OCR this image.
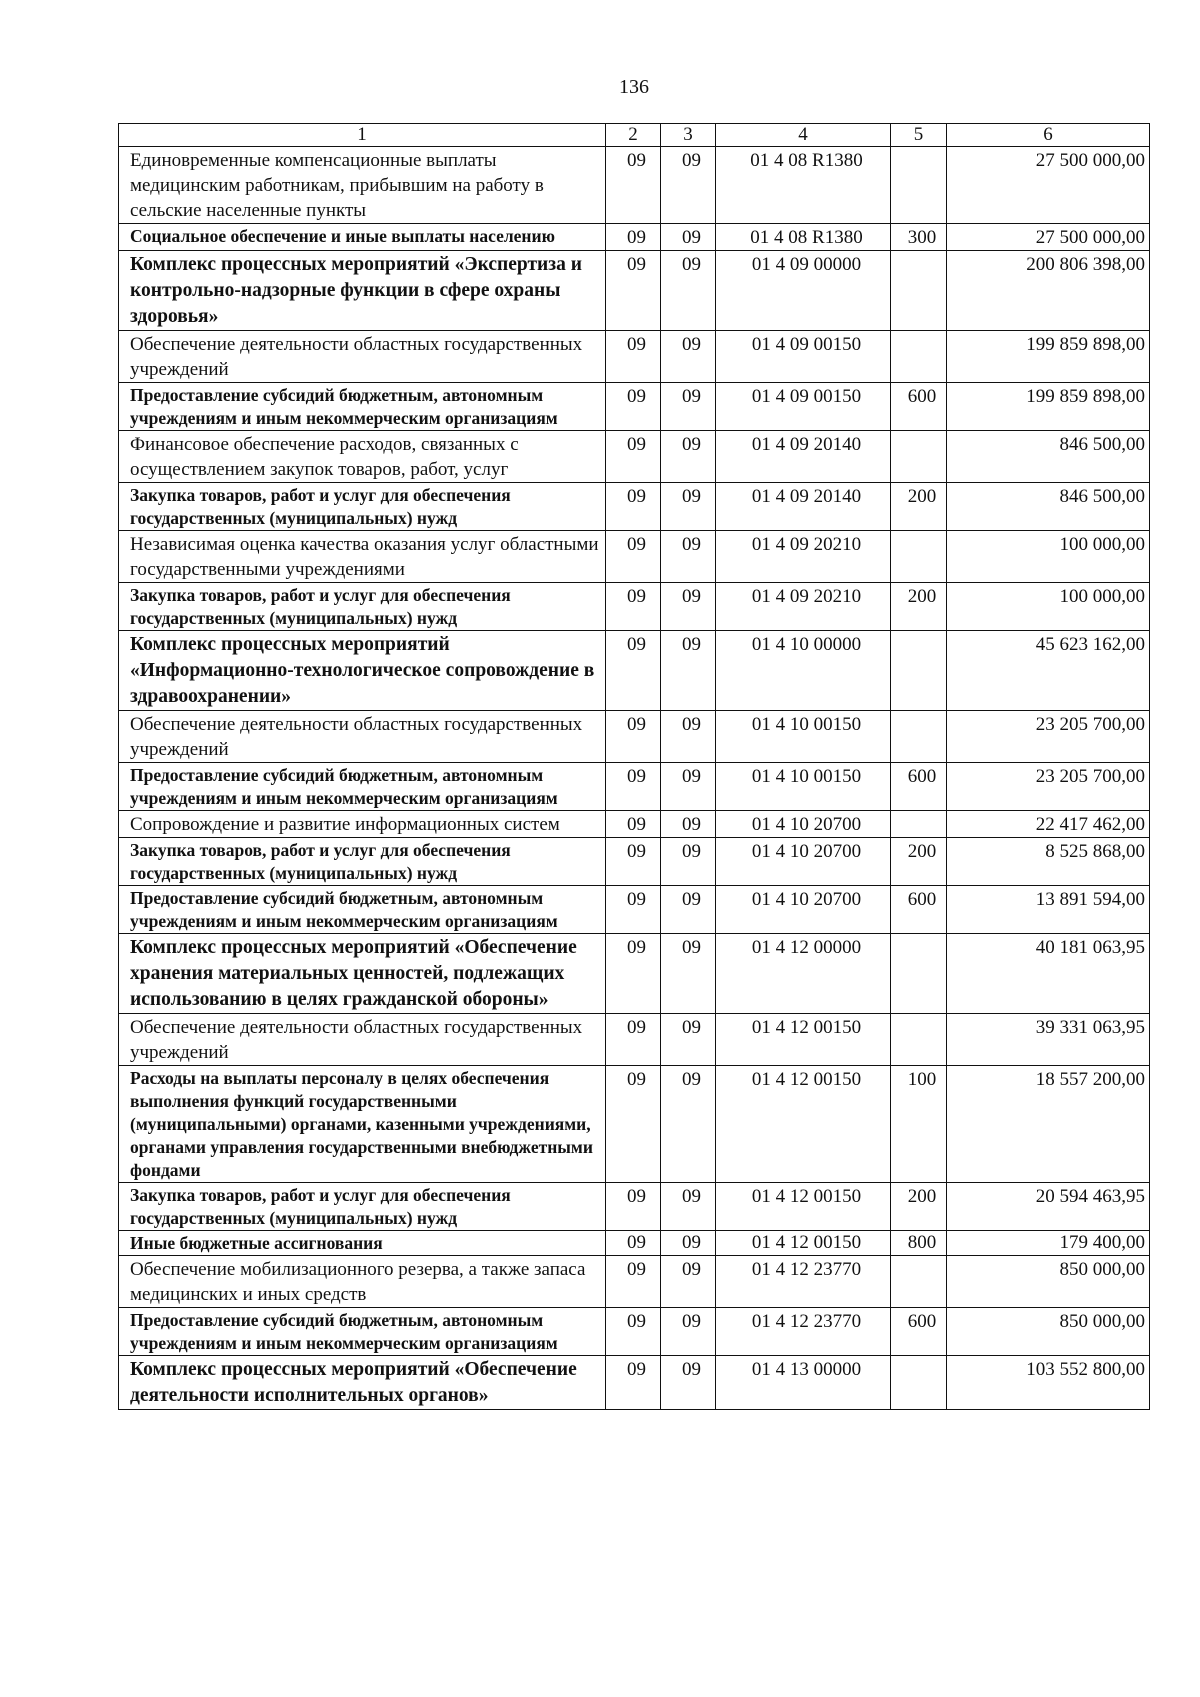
136
1	2	3	4	5	6
Единовременные компенсационные выплаты медицинским работникам, прибывшим на работу в сельские населенные пункты	09	09	01 4 08 R1380		27 500 000,00
Социальное обеспечение и иные выплаты населению	09	09	01 4 08 R1380	300	27 500 000,00
Комплекс процессных мероприятий «Экспертиза и контрольно-надзорные функции в сфере охраны здоровья»	09	09	01 4 09 00000		200 806 398,00
Обеспечение деятельности областных государственных учреждений	09	09	01 4 09 00150		199 859 898,00
Предоставление субсидий бюджетным, автономным учреждениям и иным некоммерческим организациям	09	09	01 4 09 00150	600	199 859 898,00
Финансовое обеспечение расходов, связанных с осуществлением закупок товаров, работ, услуг	09	09	01 4 09 20140		846 500,00
Закупка товаров, работ и услуг для обеспечения государственных (муниципальных) нужд	09	09	01 4 09 20140	200	846 500,00
Независимая оценка качества оказания услуг областными государственными учреждениями	09	09	01 4 09 20210		100 000,00
Закупка товаров, работ и услуг для обеспечения государственных (муниципальных) нужд	09	09	01 4 09 20210	200	100 000,00
Комплекс процессных мероприятий «Информационно-технологическое сопровождение в здравоохранении»	09	09	01 4 10 00000		45 623 162,00
Обеспечение деятельности областных государственных учреждений	09	09	01 4 10 00150		23 205 700,00
Предоставление субсидий бюджетным, автономным учреждениям и иным некоммерческим организациям	09	09	01 4 10 00150	600	23 205 700,00
Сопровождение и развитие информационных систем	09	09	01 4 10 20700		22 417 462,00
Закупка товаров, работ и услуг для обеспечения государственных (муниципальных) нужд	09	09	01 4 10 20700	200	8 525 868,00
Предоставление субсидий бюджетным, автономным учреждениям и иным некоммерческим организациям	09	09	01 4 10 20700	600	13 891 594,00
Комплекс процессных мероприятий «Обеспечение хранения материальных ценностей, подлежащих использованию в целях гражданской обороны»	09	09	01 4 12 00000		40 181 063,95
Обеспечение деятельности областных государственных учреждений	09	09	01 4 12 00150		39 331 063,95
Расходы на выплаты персоналу в целях обеспечения выполнения функций государственными (муниципальными) органами, казенными учреждениями, органами управления государственными внебюджетными фондами	09	09	01 4 12 00150	100	18 557 200,00
Закупка товаров, работ и услуг для обеспечения государственных (муниципальных) нужд	09	09	01 4 12 00150	200	20 594 463,95
Иные бюджетные ассигнования	09	09	01 4 12 00150	800	179 400,00
Обеспечение мобилизационного резерва, а также запаса медицинских и иных средств	09	09	01 4 12 23770		850 000,00
Предоставление субсидий бюджетным, автономным учреждениям и иным некоммерческим организациям	09	09	01 4 12 23770	600	850 000,00
Комплекс процессных мероприятий «Обеспечение деятельности исполнительных органов»	09	09	01 4 13 00000		103 552 800,00
